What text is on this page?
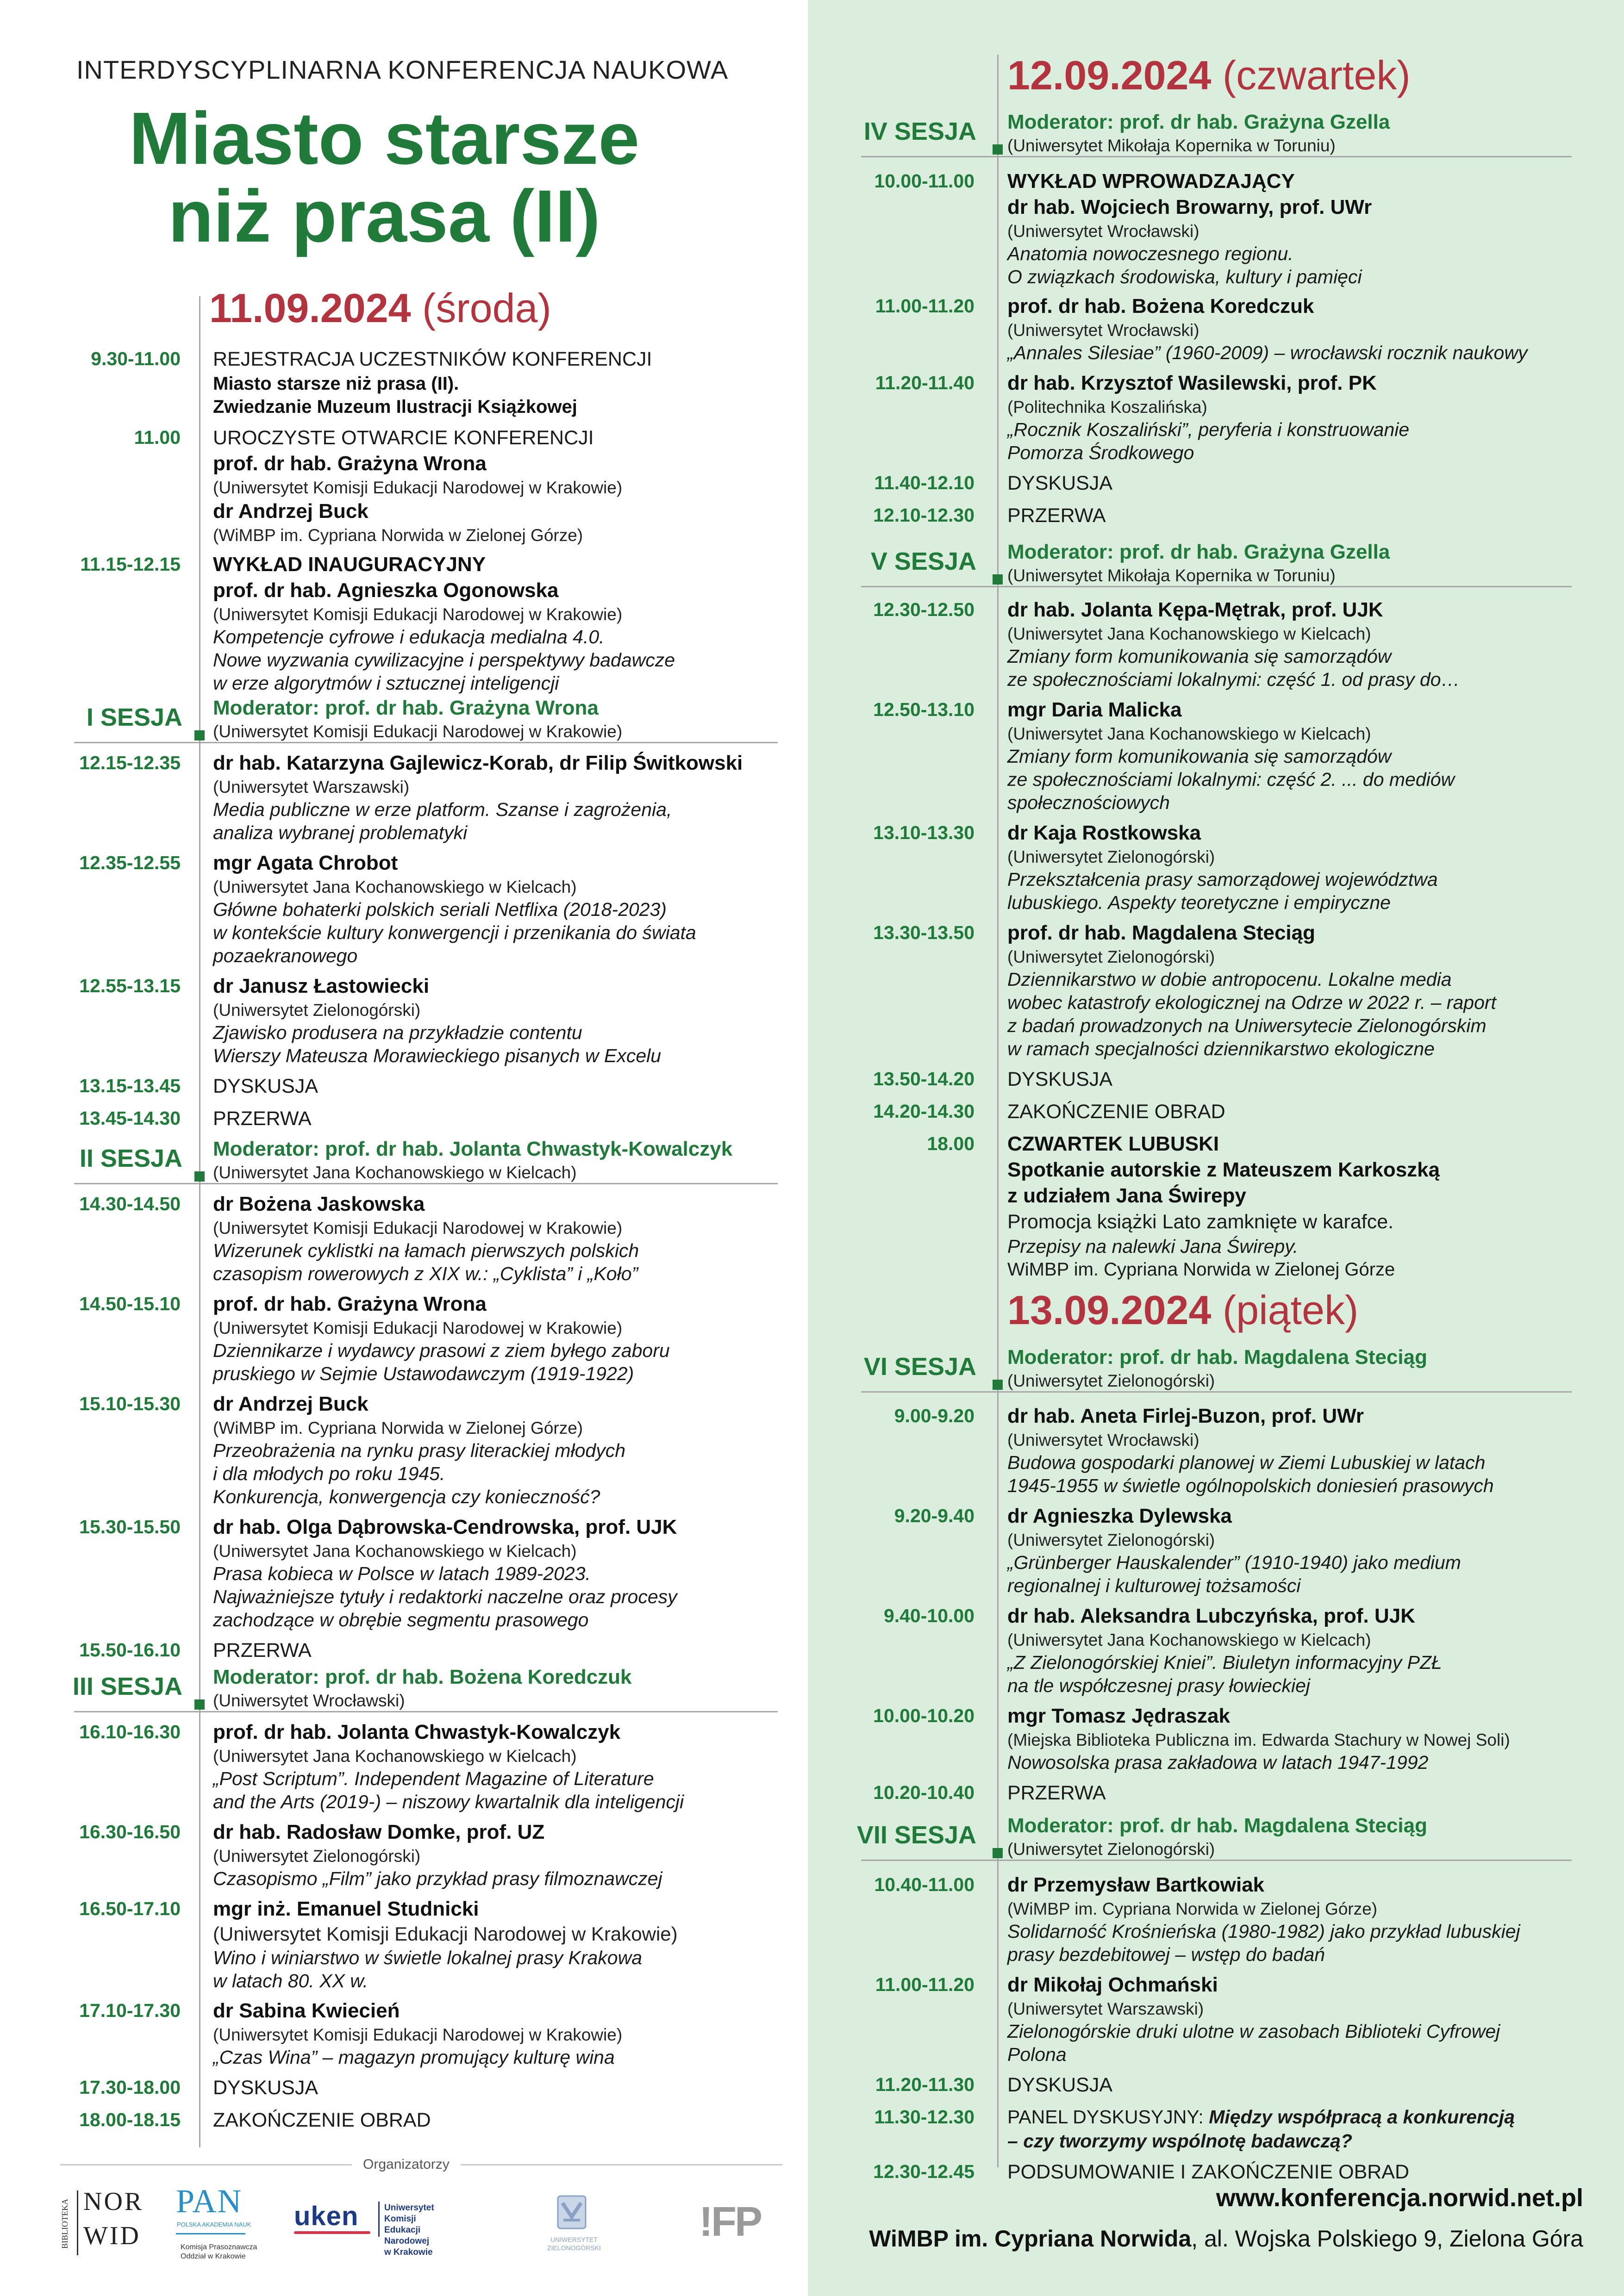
INTERDYSCYPLINARNA KONFERENCJA NAUKOWA
Miasto starsze
niż prasa (II)
11.09.2024 (środa)
12.09.2024 (czwartek)
13.09.2024 (piątek)
9.30-11.00 REJESTRACJA UCZESTNIKÓW KONFERENCJI
Miasto starsze niż prasa (II).
Zwiedzanie Muzeum Ilustracji Książkowej
11.00 UROCZYSTE OTWARCIE KONFERENCJI
prof. dr hab. Grażyna Wrona
(Uniwersytet Komisji Edukacji Narodowej w Krakowie)
dr Andrzej Buck
(WiMBP im. Cypriana Norwida w Zielonej Górze)
11.15-12.15 WYKŁAD INAUGURACYJNY
prof. dr hab. Agnieszka Ogonowska
(Uniwersytet Komisji Edukacji Narodowej w Krakowie)
Kompetencje cyfrowe i edukacja medialna 4.0.
Nowe wyzwania cywilizacyjne i perspektywy badawcze
w erze algorytmów i sztucznej inteligencji
I SESJA Moderator: prof. dr hab. Grażyna Wrona
(Uniwersytet Komisji Edukacji Narodowej w Krakowie)
12.15-12.35 dr hab. Katarzyna Gajlewicz-Korab, dr Filip Świtkowski
(Uniwersytet Warszawski)
Media publiczne w erze platform. Szanse i zagrożenia,
analiza wybranej problematyki
12.35-12.55 mgr Agata Chrobot
(Uniwersytet Jana Kochanowskiego w Kielcach)
Główne bohaterki polskich seriali Netflixa (2018-2023)
w kontekście kultury konwergencji i przenikania do świata
pozaekranowego
12.55-13.15 dr Janusz Łastowiecki
(Uniwersytet Zielonogórski)
Zjawisko produsera na przykładzie contentu
Wierszy Mateusza Morawieckiego pisanych w Excelu
13.15-13.45 DYSKUSJA
13.45-14.30 PRZERWA
II SESJA Moderator: prof. dr hab. Jolanta Chwastyk-Kowalczyk
(Uniwersytet Jana Kochanowskiego w Kielcach)
14.30-14.50 dr Bożena Jaskowska
(Uniwersytet Komisji Edukacji Narodowej w Krakowie)
Wizerunek cyklistki na łamach pierwszych polskich
czasopism rowerowych z XIX w.: „Cyklista” i „Koło”
14.50-15.10 prof. dr hab. Grażyna Wrona
(Uniwersytet Komisji Edukacji Narodowej w Krakowie)
Dziennikarze i wydawcy prasowi z ziem byłego zaboru
pruskiego w Sejmie Ustawodawczym (1919-1922)
15.10-15.30 dr Andrzej Buck
(WiMBP im. Cypriana Norwida w Zielonej Górze)
Przeobrażenia na rynku prasy literackiej młodych
i dla młodych po roku 1945.
Konkurencja, konwergencja czy konieczność?
15.30-15.50 dr hab. Olga Dąbrowska-Cendrowska, prof. UJK
(Uniwersytet Jana Kochanowskiego w Kielcach)
Prasa kobieca w Polsce w latach 1989-2023.
Najważniejsze tytuły i redaktorki naczelne oraz procesy
zachodzące w obrębie segmentu prasowego
15.50-16.10 PRZERWA
III SESJA Moderator: prof. dr hab. Bożena Koredczuk
(Uniwersytet Wrocławski)
16.10-16.30 prof. dr hab. Jolanta Chwastyk-Kowalczyk
(Uniwersytet Jana Kochanowskiego w Kielcach)
„Post Scriptum”. Independent Magazine of Literature
and the Arts (2019-) – niszowy kwartalnik dla inteligencji
16.30-16.50 dr hab. Radosław Domke, prof. UZ
(Uniwersytet Zielonogórski)
Czasopismo „Film” jako przykład prasy filmoznawczej
16.50-17.10 mgr inż. Emanuel Studnicki
(Uniwersytet Komisji Edukacji Narodowej w Krakowie)
Wino i winiarstwo w świetle lokalnej prasy Krakowa
w latach 80. XX w.
17.10-17.30 dr Sabina Kwiecień
(Uniwersytet Komisji Edukacji Narodowej w Krakowie)
„Czas Wina” – magazyn promujący kulturę wina
17.30-18.00 DYSKUSJA
18.00-18.15 ZAKOŃCZENIE OBRAD
IV SESJA Moderator: prof. dr hab. Grażyna Gzella
(Uniwersytet Mikołaja Kopernika w Toruniu)
10.00-11.00 WYKŁAD WPROWADZAJĄCY
dr hab. Wojciech Browarny, prof. UWr
(Uniwersytet Wrocławski)
Anatomia nowoczesnego regionu.
O związkach środowiska, kultury i pamięci
11.00-11.20 prof. dr hab. Bożena Koredczuk
(Uniwersytet Wrocławski)
„Annales Silesiae” (1960-2009) – wrocławski rocznik naukowy
11.20-11.40 dr hab. Krzysztof Wasilewski, prof. PK
(Politechnika Koszalińska)
„Rocznik Koszaliński”, peryferia i konstruowanie
Pomorza Środkowego
11.40-12.10 DYSKUSJA
12.10-12.30 PRZERWA
V SESJA Moderator: prof. dr hab. Grażyna Gzella
(Uniwersytet Mikołaja Kopernika w Toruniu)
12.30-12.50 dr hab. Jolanta Kępa-Mętrak, prof. UJK
(Uniwersytet Jana Kochanowskiego w Kielcach)
Zmiany form komunikowania się samorządów
ze społecznościami lokalnymi: część 1. od prasy do…
12.50-13.10 mgr Daria Malicka
(Uniwersytet Jana Kochanowskiego w Kielcach)
Zmiany form komunikowania się samorządów
ze społecznościami lokalnymi: część 2. ... do mediów
społecznościowych
13.10-13.30 dr Kaja Rostkowska
(Uniwersytet Zielonogórski)
Przekształcenia prasy samorządowej województwa
lubuskiego. Aspekty teoretyczne i empiryczne
13.30-13.50 prof. dr hab. Magdalena Steciąg
(Uniwersytet Zielonogórski)
Dziennikarstwo w dobie antropocenu. Lokalne media
wobec katastrofy ekologicznej na Odrze w 2022 r. – raport
z badań prowadzonych na Uniwersytecie Zielonogórskim
w ramach specjalności dziennikarstwo ekologiczne
13.50-14.20 DYSKUSJA
14.20-14.30 ZAKOŃCZENIE OBRAD
18.00 CZWARTEK LUBUSKI
Spotkanie autorskie z Mateuszem Karkoszką
z udziałem Jana Świrepy
Promocja książki Lato zamknięte w karafce.
Przepisy na nalewki Jana Świrepy.
WiMBP im. Cypriana Norwida w Zielonej Górze
VI SESJA Moderator: prof. dr hab. Magdalena Steciąg
(Uniwersytet Zielonogórski)
9.00-9.20 dr hab. Aneta Firlej-Buzon, prof. UWr
(Uniwersytet Wrocławski)
Budowa gospodarki planowej w Ziemi Lubuskiej w latach
1945-1955 w świetle ogólnopolskich doniesień prasowych
9.20-9.40 dr Agnieszka Dylewska
(Uniwersytet Zielonogórski)
„Grünberger Hauskalender” (1910-1940) jako medium
regionalnej i kulturowej tożsamości
9.40-10.00 dr hab. Aleksandra Lubczyńska, prof. UJK
(Uniwersytet Jana Kochanowskiego w Kielcach)
„Z Zielonogórskiej Kniei”. Biuletyn informacyjny PZŁ
na tle współczesnej prasy łowieckiej
10.00-10.20 mgr Tomasz Jędraszak
(Miejska Biblioteka Publiczna im. Edwarda Stachury w Nowej Soli)
Nowosolska prasa zakładowa w latach 1947-1992
10.20-10.40 PRZERWA
VII SESJA Moderator: prof. dr hab. Magdalena Steciąg
(Uniwersytet Zielonogórski)
10.40-11.00 dr Przemysław Bartkowiak
(WiMBP im. Cypriana Norwida w Zielonej Górze)
Solidarność Krośnieńska (1980-1982) jako przykład lubuskiej
prasy bezdebitowej – wstęp do badań
11.00-11.20 dr Mikołaj Ochmański
(Uniwersytet Warszawski)
Zielonogórskie druki ulotne w zasobach Biblioteki Cyfrowej
Polona
11.20-11.30 DYSKUSJA
11.30-12.30 PANEL DYSKUSYJNY: Między współpracą a konkurencją
– czy tworzymy wspólnotę badawczą?
12.30-12.45 PODSUMOWANIE I ZAKOŃCZENIE OBRAD
Organizatorzy
BIBLIOTEKA NOR
WID
PAN
POLSKA AKADEMIA NAUK
Komisja Prasoznawcza
Oddział w Krakowie
uken	Uniwersytet Komisji
Edukacji Narodowej
w Krakowie
UNIWERSYTET
ZIELONOGÓRSKI
!FP
www.konferencja.norwid.net.pl
WiMBP im. Cypriana Norwida, al. Wojska Polskiego 9, Zielona Góra
